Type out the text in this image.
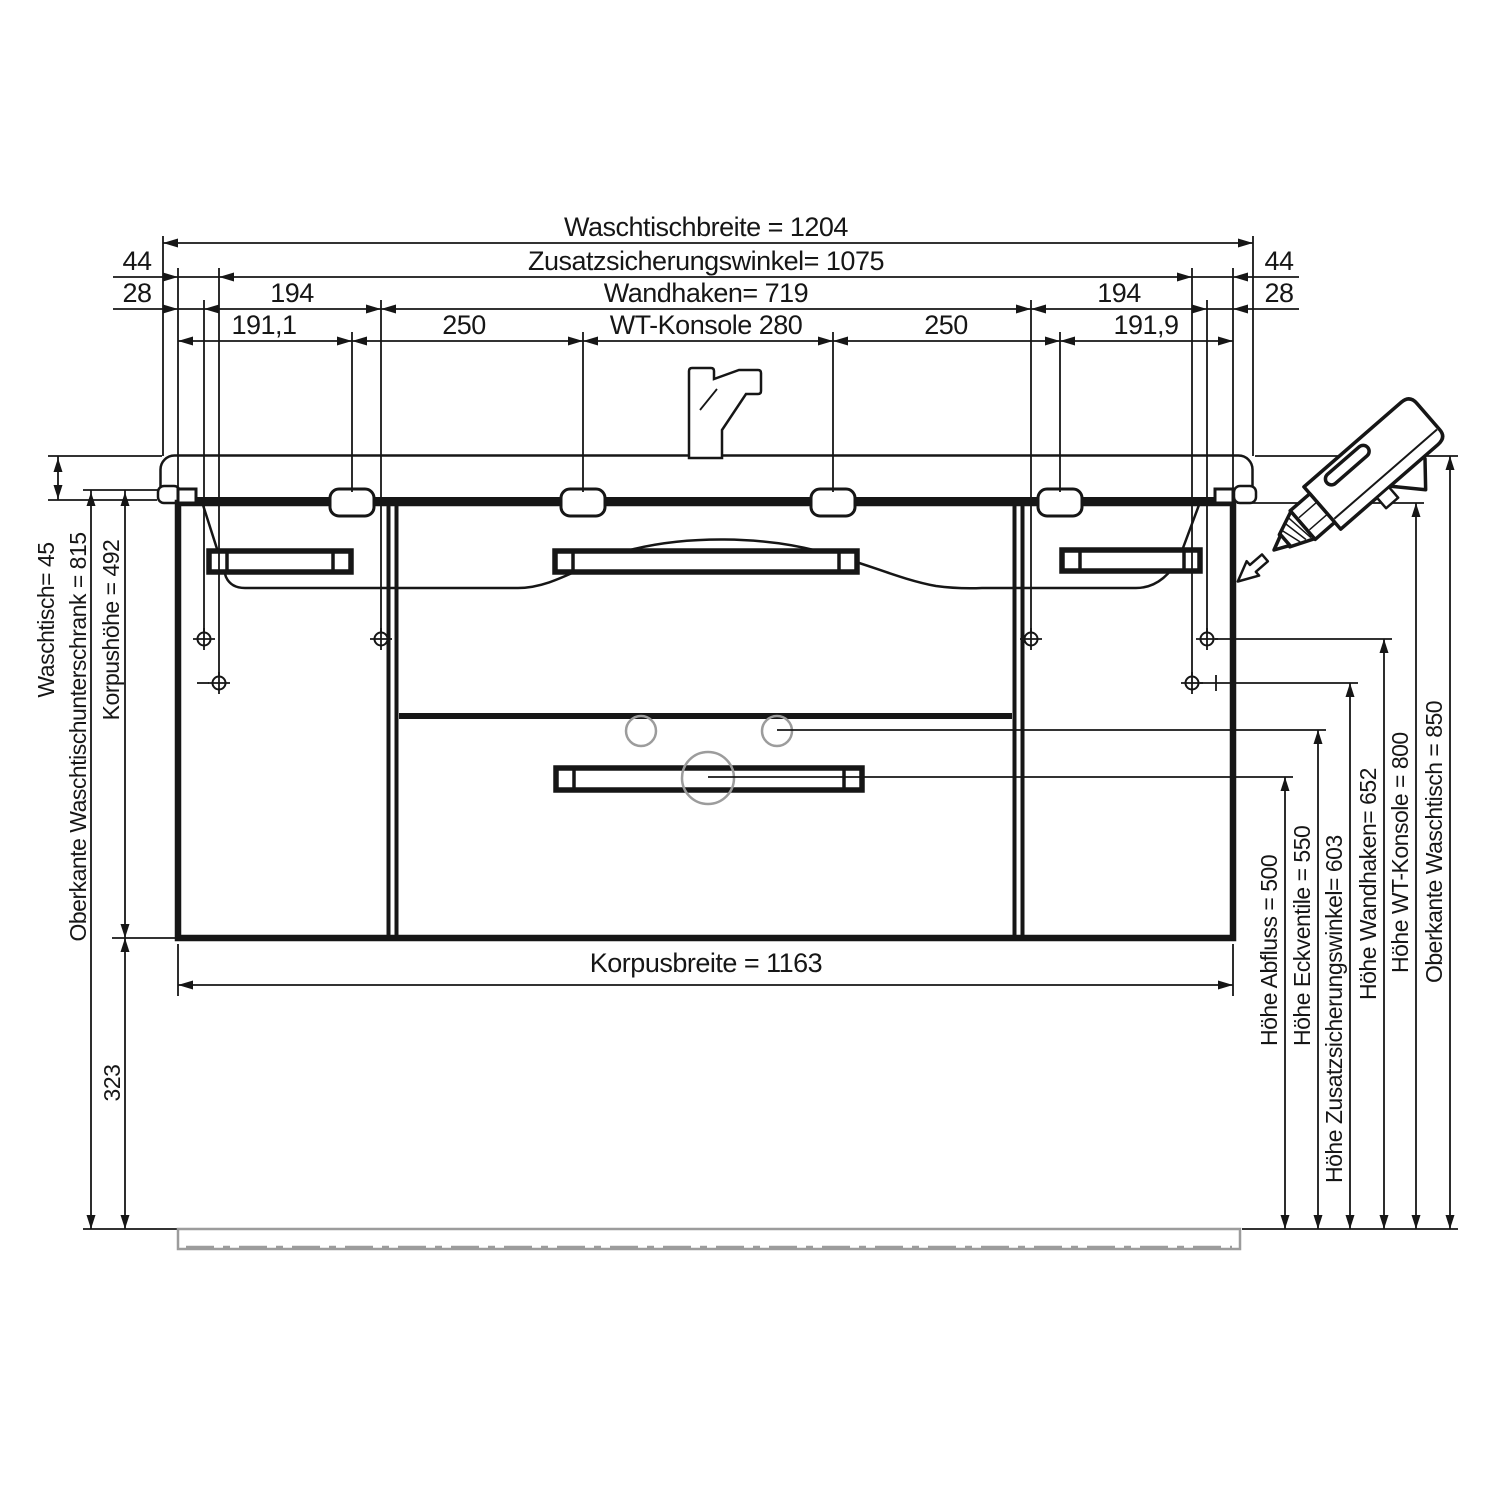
Waschtischbreite = 1204
Zusatzsicherungswinkel= 1075
Wandhaken= 719
44	44
28	28
194	194
191,1	250	WT-Konsole 280	250	191,9
Waschtisch= 45 Oberkante Waschtischunterschrank = 815 Korpushöhe = 492
323
Höhe Abfluss = 500 Höhe Eckventile = 550 Höhe Zusatzsicherungswinkel= 603 Höhe Wandhaken= 652 Höhe WT-Konsole = 800 Oberkante Waschtisch = 850
Korpusbreite = 1163
